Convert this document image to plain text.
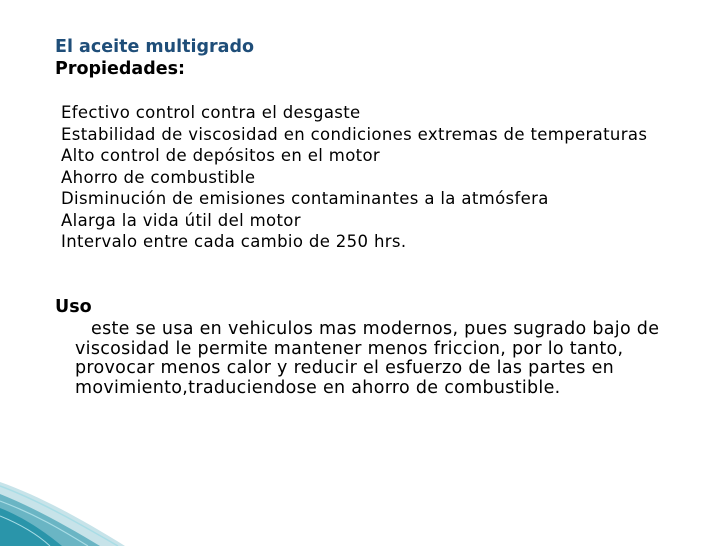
El aceite multigrado
Propiedades:
Efectivo control contra el desgaste
Estabilidad de viscosidad en condiciones extremas de temperaturas
Alto control de depósitos en el motor
Ahorro de combustible
Disminución de emisiones contaminantes a la atmósfera
Alarga la vida útil del motor
Intervalo entre cada cambio de 250 hrs.
Uso

este se usa en vehiculos mas modernos, pues sugrado bajo de viscosidad le permite mantener menos friccion, por lo tanto, provocar menos calor y reducir el esfuerzo de las partes en movimiento,traduciendose en ahorro de combustible.
